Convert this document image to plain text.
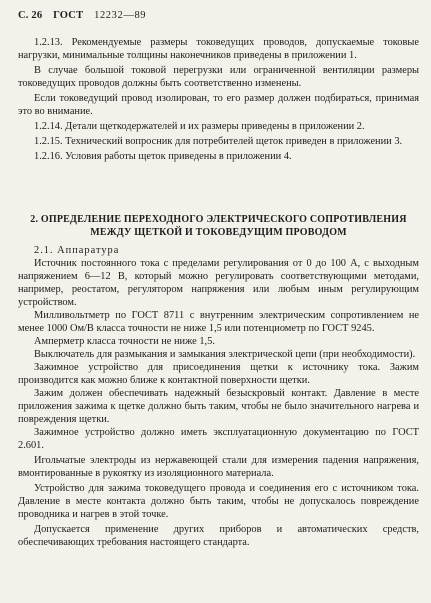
С. 26 ГОСТ 12232—89

1.2.13. Рекомендуемые размеры токоведущих проводов, допускаемые токовые нагрузки, минимальные толщины наконечников приведены в приложении 1.

В случае большой токовой перегрузки или ограниченной вентиляции размеры токоведущих проводов должны быть соответственно изменены.

Если токоведущий провод изолирован, то его размер должен подбираться, принимая это во внимание.

1.2.14. Детали щеткодержателей и их размеры приведены в приложении 2.

1.2.15. Технический вопросник для потребителей щеток приведен в приложении 3.

1.2.16. Условия работы щеток приведены в приложении 4.

2. ОПРЕДЕЛЕНИЕ ПЕРЕХОДНОГО ЭЛЕКТРИЧЕСКОГО СОПРОТИВЛЕНИЯ

МЕЖДУ ЩЕТКОЙ И ТОКОВЕДУЩИМ ПРОВОДОМ

2.1. Аппаратура

Источник постоянного тока с пределами регулирования от 0 до 100 А, с выходным напряжением 6—12 В, который можно регулировать соответствующими методами, например, реостатом, регулятором напряжения или любым иным регулирующим устройством.

Милливольтметр по ГОСТ 8711 с внутренним электрическим сопротивлением не менее 1000 Ом/В класса точности не ниже 1,5 или потенциометр по ГОСТ 9245.

Амперметр класса точности не ниже 1,5.

Выключатель для размыкания и замыкания электрической цепи (при необходимости).

Зажимное устройство для присоединения щетки к источнику тока. Зажим производится как можно ближе к контактной поверхности щетки.

Зажим должен обеспечивать надежный безыскровый контакт. Давление в месте приложения зажима к щетке должно быть таким, чтобы не было значительного нагрева и повреждения щетки.

Зажимное устройство должно иметь эксплуатационную документацию по ГОСТ 2.601.

Игольчатые электроды из нержавеющей стали для измерения падения напряжения, вмонтированные в рукоятку из изоляционного материала.

Устройство для зажима токоведущего провода и соединения его с источником тока. Давление в месте контакта должно быть таким, чтобы не допускалось повреждение проводника и нагрев в этой точке.

Допускается применение других приборов и автоматических средств, обеспечивающих требования настоящего стандарта.
